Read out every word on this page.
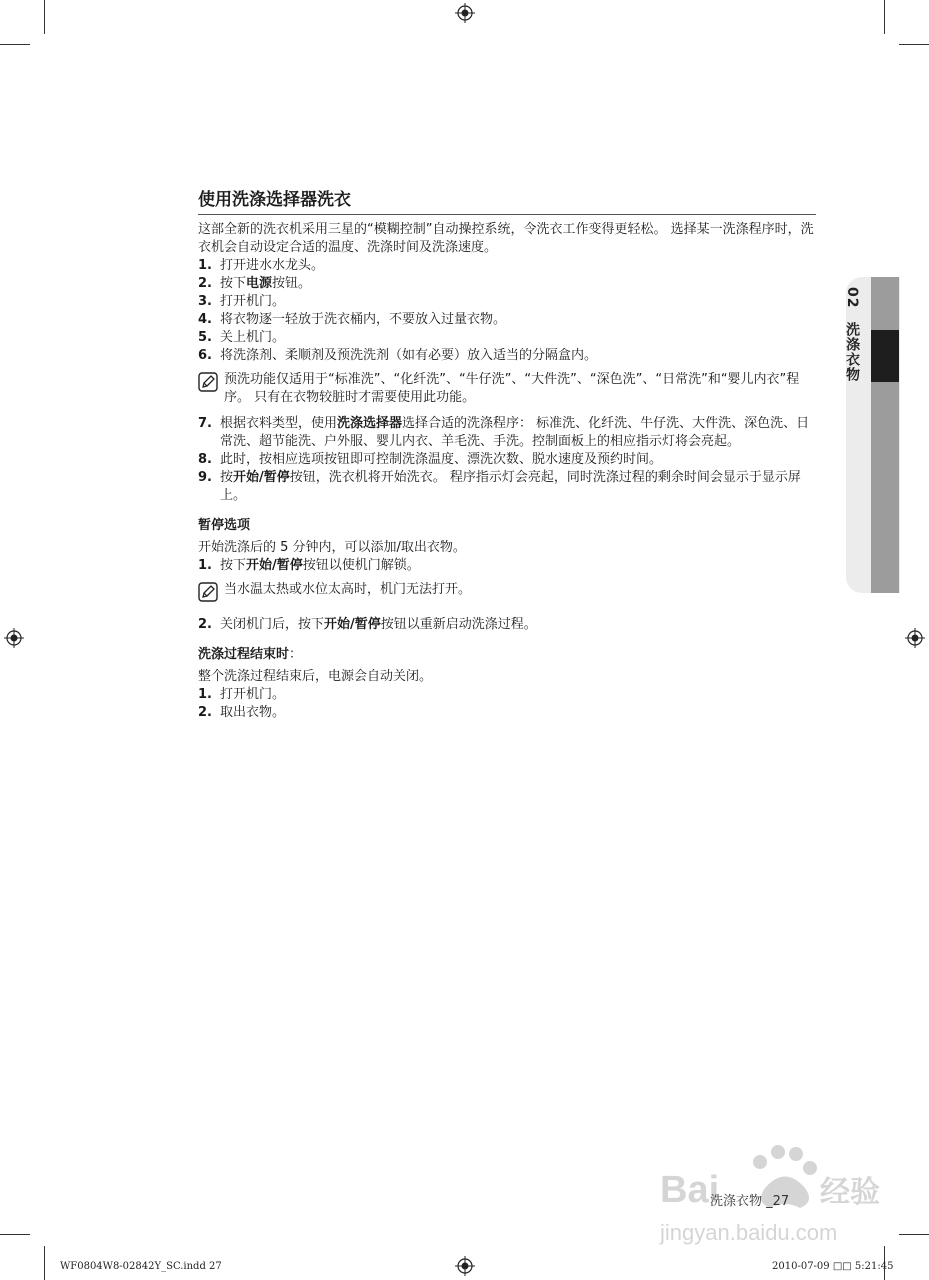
02 洗涤衣物
使用洗涤选择器洗衣

这部全新的洗衣机采用三星的“模糊控制”自动操控系统，令洗衣工作变得更轻松。 选择某一洗涤程序时，洗衣机会自动设定合适的温度、洗涤时间及洗涤速度。

1. 打开进水水龙头。
2. 按下电源按钮。
3. 打开机门。
4. 将衣物逐一轻放于洗衣桶内，不要放入过量衣物。
5. 关上机门。
6. 将洗涤剂、柔顺剂及预洗洗剂（如有必要）放入适当的分隔盒内。
预洗功能仅适用于“标准洗”、“化纤洗”、“牛仔洗”、“大件洗”、“深色洗”、“日常洗”和“婴儿内衣”程序。 只有在衣物较脏时才需要使用此功能。
7. 根据衣料类型，使用洗涤选择器选择合适的洗涤程序： 标准洗、化纤洗、牛仔洗、大件洗、深色洗、日常洗、超节能洗、户外服、婴儿内衣、羊毛洗、手洗。控制面板上的相应指示灯将会亮起。
8. 此时，按相应选项按钮即可控制洗涤温度、漂洗次数、脱水速度及预约时间。
9. 按开始/暂停按钮，洗衣机将开始洗衣。 程序指示灯会亮起，同时洗涤过程的剩余时间会显示于显示屏上。
暂停选项

开始洗涤后的 5 分钟内，可以添加/取出衣物。

1. 按下开始/暂停按钮以使机门解锁。
当水温太热或水位太高时，机门无法打开。
2. 关闭机门后，按下开始/暂停按钮以重新启动洗涤过程。
洗涤过程结束时：

整个洗涤过程结束后，电源会自动关闭。

1. 打开机门。
2. 取出衣物。
Bai	经验
jingyan.baidu.com
洗涤衣物 _27
WF0804W8-02842Y_SC.indd 27	2010-07-09 □□ 5:21:45
